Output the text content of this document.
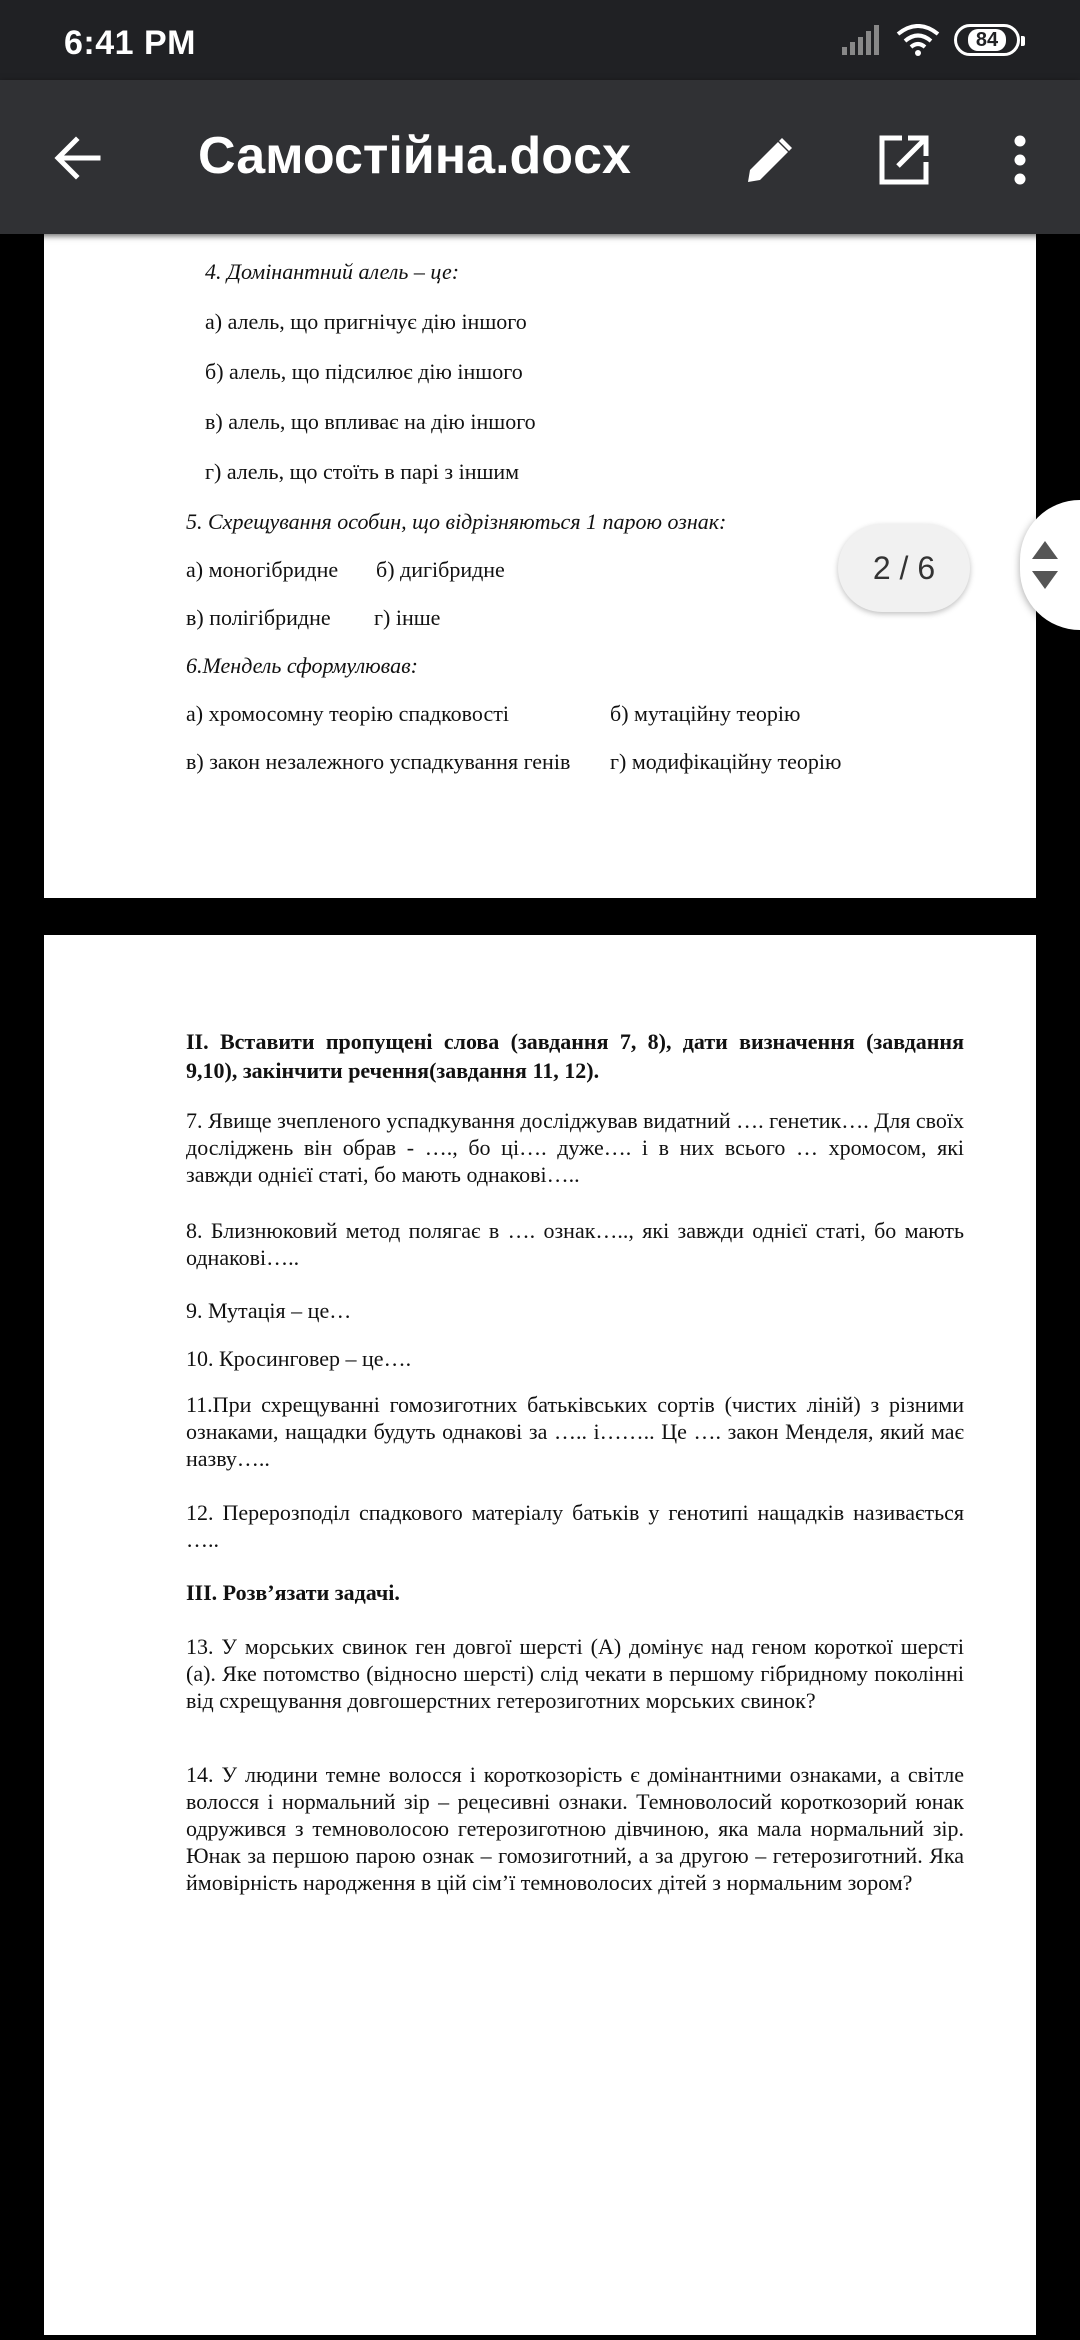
6:41 PM	84
Самостійна.docx
4. Домінантний алель – це:
а) алель, що пригнічує дію іншого
б) алель, що підсилює дію іншого
в) алель, що впливає на дію іншого
г) алель, що стоїть в парі з іншим
5. Схрещування особин, що відрізняються 1 парою ознак:
а) моногібридне б) дигібридне
в) полігібридне г) інше
6.Мендель сформулював:
а) хромосомну теорію спадковості	б) мутаційну теорію
в) закон незалежного успадкування генів г) модифікаційну теорію
2 / 6
ІІ. Вставити пропущені слова (завдання 7, 8), дати визначення (завдання 9,10), закінчити речення(завдання 11, 12).
7. Явище зчепленого успадкування досліджував видатний …. генетик…. Для своїх досліджень він обрав - …., бо ці…. дуже…. і в них всього … хромосом, які завжди однієї статі, бо мають однакові…..
8. Близнюковий метод полягає в …. ознак….., які завжди однієї статі, бо мають однакові…..
9. Мутація – це…
10. Кросинговер – це….
11.При схрещуванні гомозиготних батьківських сортів (чистих ліній) з різними ознаками, нащадки будуть однакові за ….. і…….. Це …. закон Менделя, який має назву…..
12. Перерозподіл спадкового матеріалу батьків у генотипі нащадків називається …..
ІІІ. Розв’язати задачі.
13. У морських свинок ген довгої шерсті (А) домінує над геном короткої шерсті (а). Яке потомство (відносно шерсті) слід чекати в першому гібридному поколінні від схрещування довгошерстних гетерозиготних морських свинок?
14. У людини темне волосся і короткозорість є домінантними ознаками, а світле волосся і нормальний зір – рецесивні ознаки. Темноволосий короткозорий юнак одружився з темноволосою гетерозиготною дівчиною, яка мала нормальний зір. Юнак за першою парою ознак – гомозиготний, а за другою – гетерозиготний. Яка ймовірність народження в цій сім’ї темноволосих дітей з нормальним зором?
